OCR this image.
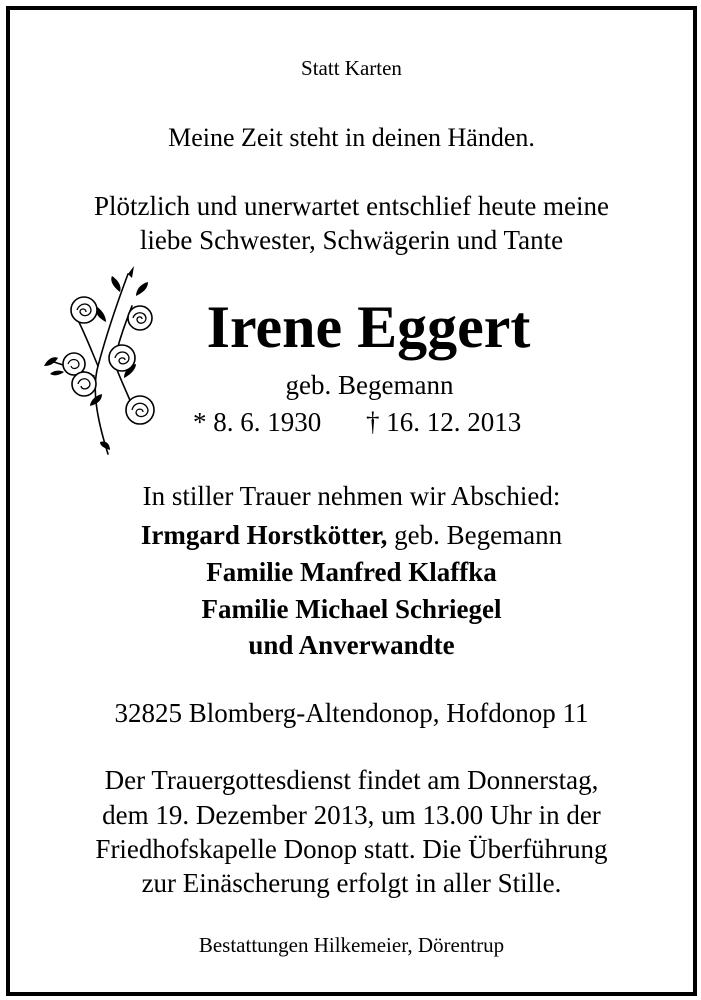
Statt Karten
Meine Zeit steht in deinen Händen.
Plötzlich und unerwartet entschlief heute meine
liebe Schwester, Schwägerin und Tante
Irene Eggert
geb. Begemann
* 8. 6. 1930 † 16. 12. 2013
In stiller Trauer nehmen wir Abschied:
Irmgard Horstkötter, geb. Begemann
Familie Manfred Klaffka
Familie Michael Schriegel
und Anverwandte
32825 Blomberg-Altendonop, Hofdonop 11
Der Trauergottesdienst findet am Donnerstag,
dem 19. Dezember 2013, um 13.00 Uhr in der
Friedhofskapelle Donop statt. Die Überführung
zur Einäscherung erfolgt in aller Stille.
Bestattungen Hilkemeier, Dörentrup
